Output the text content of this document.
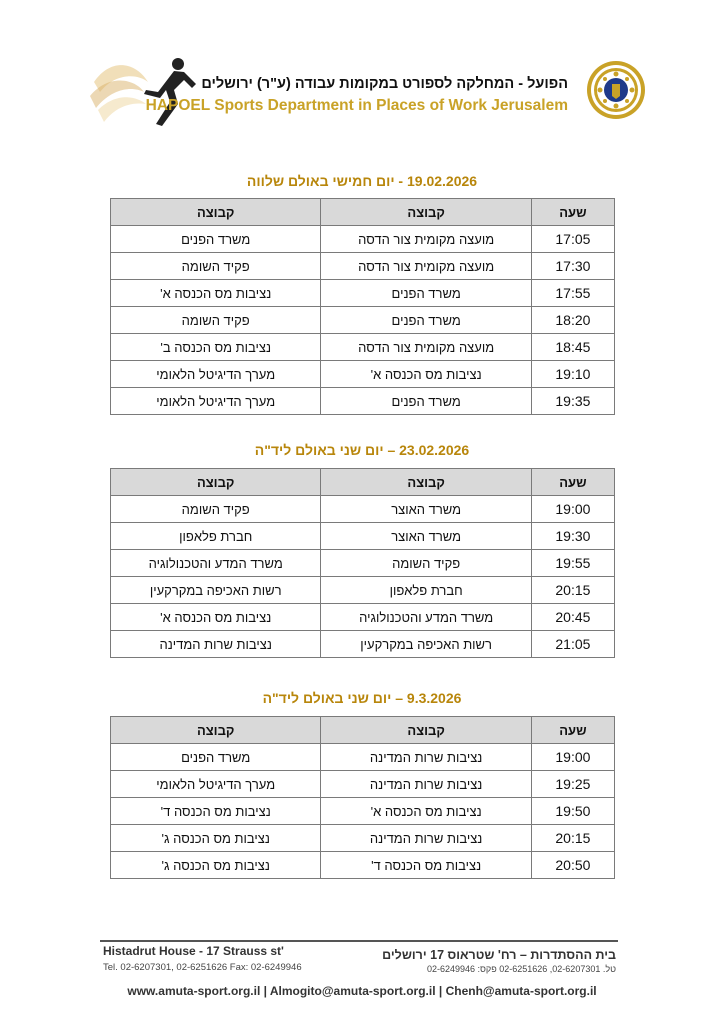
הפועל - המחלקה לספורט במקומות עבודה (ע"ר) ירושלים
HAPOEL Sports Department in Places of Work Jerusalem
19.02.2026 - יום חמישי באולם שלווה
שעה	קבוצה	קבוצה
17:05	מועצה מקומית צור הדסה	משרד הפנים
17:30	מועצה מקומית צור הדסה	פקיד השומה
17:55	משרד הפנים	נציבות מס הכנסה א'
18:20	משרד הפנים	פקיד השומה
18:45	מועצה מקומית צור הדסה	נציבות מס הכנסה ב'
19:10	נציבות מס הכנסה א'	מערך הדיגיטל הלאומי
19:35	משרד הפנים	מערך הדיגיטל הלאומי
23.02.2026 – יום שני באולם ליד"ה
שעה	קבוצה	קבוצה
19:00	משרד האוצר	פקיד השומה
19:30	משרד האוצר	חברת פלאפון
19:55	פקיד השומה	משרד המדע והטכנולוגיה
20:15	חברת פלאפון	רשות האכיפה במקרקעין
20:45	משרד המדע והטכנולוגיה	נציבות מס הכנסה א'
21:05	רשות האכיפה במקרקעין	נציבות שרות המדינה
9.3.2026 – יום שני באולם ליד"ה
שעה	קבוצה	קבוצה
19:00	נציבות שרות המדינה	משרד הפנים
19:25	נציבות שרות המדינה	מערך הדיגיטל הלאומי
19:50	נציבות מס הכנסה א'	נציבות מס הכנסה ד'
20:15	נציבות שרות המדינה	נציבות מס הכנסה ג'
20:50	נציבות מס הכנסה ד'	נציבות מס הכנסה ג'
Histadrut House - 17 Strauss st'
Tel. 02-6207301, 02-6251626 Fax: 02-6249946
בית ההסתדרות – רח' שטראוס 17 ירושלים
טל. 02-6207301, 02-6251626 פקס: 02-6249946
www.amuta-sport.org.il | Almogito@amuta-sport.org.il | Chenh@amuta-sport.org.il
